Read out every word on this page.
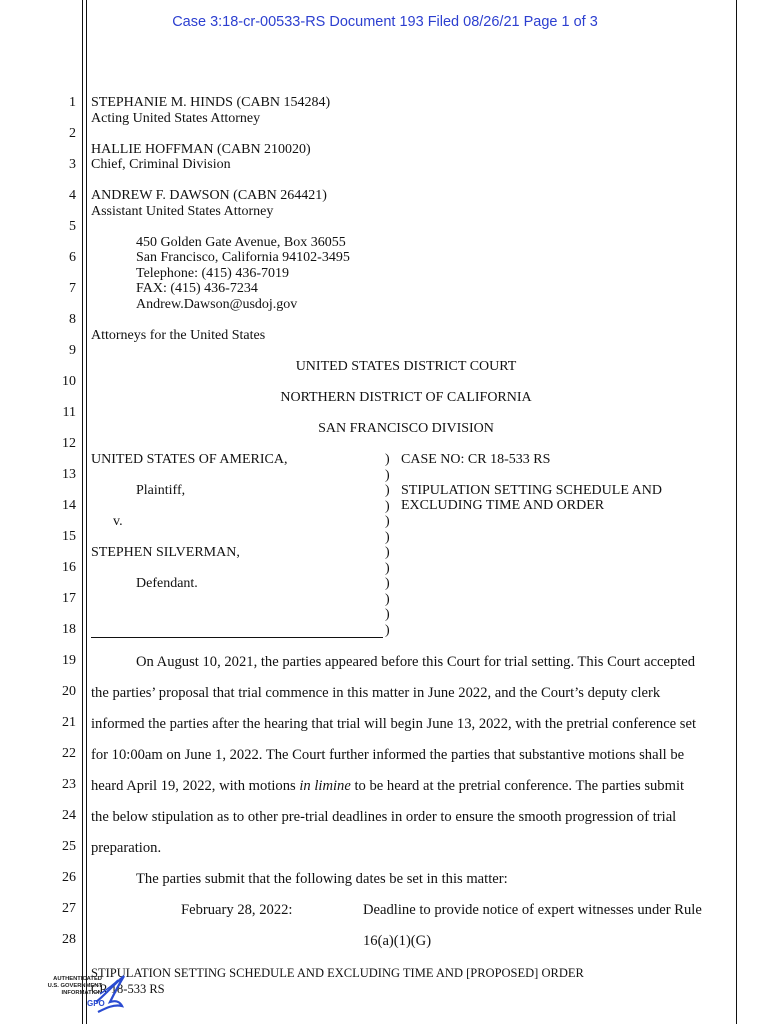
Case 3:18-cr-00533-RS Document 193 Filed 08/26/21 Page 1 of 3
1
2
3
4
5
6
7
8
9
10
11
12
13
14
15
16
17
18
19
20
21
22
23
24
25
26
27
28
STEPHANIE M. HINDS (CABN 154284)
Acting United States Attorney
HALLIE HOFFMAN (CABN 210020)
Chief, Criminal Division
ANDREW F. DAWSON (CABN 264421)
Assistant United States Attorney
450 Golden Gate Avenue, Box 36055
San Francisco, California 94102-3495
Telephone: (415) 436-7019
FAX: (415) 436-7234
Andrew.Dawson@usdoj.gov
Attorneys for the United States
UNITED STATES DISTRICT COURT
NORTHERN DISTRICT OF CALIFORNIA
SAN FRANCISCO DIVISION
UNITED STATES OF AMERICA,
Plaintiff,
v.
STEPHEN SILVERMAN,
Defendant.
)
)
)
)
)
)
)
)
)
)
)
)
CASE NO: CR 18-533 RS
STIPULATION SETTING SCHEDULE AND
EXCLUDING TIME AND ORDER
On August 10, 2021, the parties appeared before this Court for trial setting. This Court accepted
the parties’ proposal that trial commence in this matter in June 2022, and the Court’s deputy clerk
informed the parties after the hearing that trial will begin June 13, 2022, with the pretrial conference set
for 10:00am on June 1, 2022. The Court further informed the parties that substantive motions shall be
heard April 19, 2022, with motions in limine to be heard at the pretrial conference. The parties submit
the below stipulation as to other pre-trial deadlines in order to ensure the smooth progression of trial
preparation.
The parties submit that the following dates be set in this matter:
February 28, 2022:	Deadline to provide notice of expert witnesses under Rule
16(a)(1)(G)
STIPULATION SETTING SCHEDULE AND EXCLUDING TIME AND [PROPOSED] ORDER
CR 18-533 RS
AUTHENTICATED
U.S. GOVERNMENT
INFORMATION
GPO
